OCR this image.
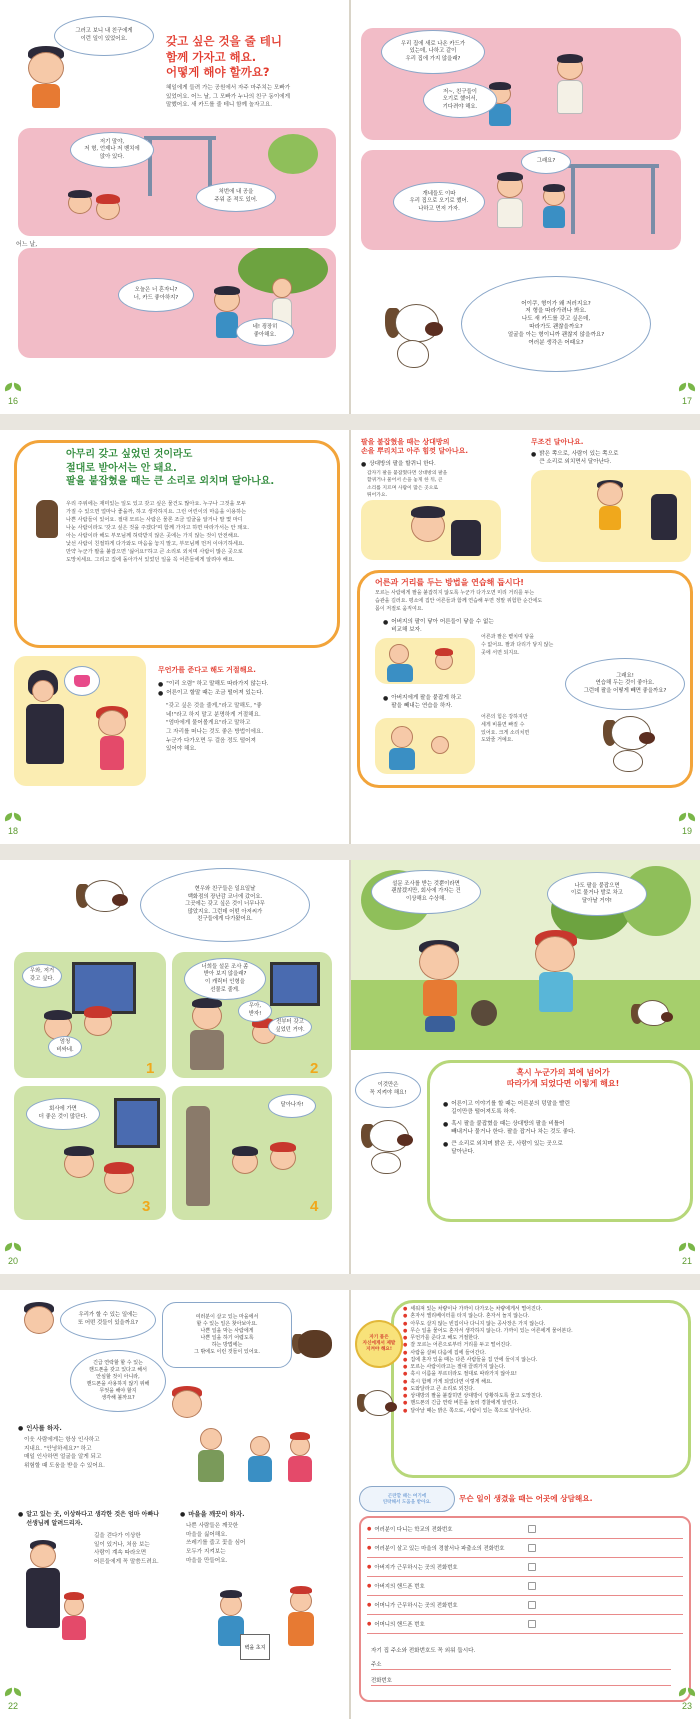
그러고 보니 내 친구에게
이런 일이 있었어요.	갖고 싶은 것을 줄 테니
함께 가자고 해요.
어떻게 해야 할까요?
혜일에게 들려 가는 공원에서 자주 마주치는 모빠가
있었어요. 어느 날, 그 모빠가 누나의 친구 동이에게
말했어요. 새 카드를 줄 테니 함께 놀자고요.
저기 말야,
저 형, 언제나 저 벤치에
앉아 있다.
처번에 내 공을
주워 준 적도 있어.
어느 날,
오늘은 너 혼자니?
너, 카드 좋아하지?
네! 굉장히
좋아해요.
16
우리 집에 새로 나온 카드가
있는데, 나하고 같이
우리 집에 가지 않을래?
저~, 친구들이
오기로 했어서,
기다려야 해요.
그래요?
개네들도 이따
우리 집으로 오기로 했어.
나하고 먼저 가자.
어이쿠, 형이가 왜 저러지요?
저 형을 따라가려나 봐요.
나도 새 카드를 갖고 싶은데,
따라가도 괜찮을까요?
얼굴을 아는 형이니까 괜찮지 않을까요?
여러분 생각은 어때요?
17
아무리 갖고 싶었던 것이라도
절대로 받아서는 안 돼요.
팔을 붙잡혔을 때는 큰 소리로 외치며 달아나요.
우리 주위에는 재미있는 일도 있고 갖고 싶은 물건도 많아요. 누구나 그것을 모두
가질 수 있으면 얼마나 좋을까, 하고 생각하지요. 그런 어린이의 마음을 이용하는
나쁜 사람들이 있어요. 절대 모르는 사람은 물론 조금 얼굴을 알거나 말 몇 마디
나눈 사람이라도 '갖고 싶은 것을 주겠다'며 함께 가자고 하면 따라가서는 안 돼요.
아는 사람이라 해도 부모님께 허락받지 않은 곳에는 가지 않는 것이 안전해요.
낯선 사람이 친절하게 다가와도 마음을 놓지 말고, 부모님께 먼저 이야기하세요.
만약 누군가 팔을 붙잡으면 '싫어요!'하고 큰 소리로 외치며 사람이 많은 곳으로
도망치세요. 그리고 집에 돌아가서 있었던 일을 꼭 어른들에게 알려야 해요.
무언가를 준다고 해도 거절해요.
● "이리 오렴" 하고 말해도 따라가지 않는다.
● 어른이고 할말 때는 조금 떨어져 있는다.
"갖고 싶은 것을 줄게,"라고 말해도, "좋
네!"라고 하지 말고 분명하게 거절해요.
"엄마에게 물어볼게요"라고 말하고
그 자리를 떠나는 것도 좋은 방법이에요.
누군가 다가오면 두 걸음 정도 떨어져
있어야 해요.
18
팔을 붙잡혔을 때는 상대방의
손을 뿌리치고 아주 힘껏 달아나요.
● 상대방의 팔을 할퀴니 한다.
갑자기 팔을 붙잡혔다면 상대방의 팔을
할퀴거나 물어서 손을 놓게 한 뒤, 큰
소리를 지르며 사람이 많은 곳으로
뛰어가요.
무조건 달아나요.
● 밝은 쪽으로, 사람이 있는 쪽으로
큰 소리로 외치면서 달아난다.
어른과 거리를 두는 방법을 연습해 둡시다!
모르는 사람에게 팔을 붙잡히지 않도록 누군가 다가오면 미리 거리를 두는
습관을 길러요. 평소에 집안 어른들과 함께 연습해 두면 정말 위험한 순간에도
몸이 저절로 움직여요.
● 어버지의 팔이 닿아 어른들이 닿을 수 없는
비교해 보자.
어른과 팔은 뻗치며 닿을
수 없어요. 팔과 다리가 닿지 않는
곳에 서면 되지요.
● 아버지에게 팔을 붙잡게 하고
팔을 빼내는 연습을 하자.
어른의 힘은 강하지만
세게 비틀면 빠질 수
있어요. 크게 소리치면
도와줄 거예요.
그래요!
연습해 두는 것이 좋아요.
그런데 팔을 어떻게 빼면 좋을까요?
19
현우와 친구들은 일요일날
백화점의 장난감 코너에 갔어요.
그곳에는 갖고 싶은 것이 너무나무
많았지요. 그런데 어떤 아저씨가
친구들에게 다가왔어요.
우와, 저거
갖고 싶다.
엄청
비싸네.
1
너희들 설문 조사 좀
받아 보지 않을래?
이 캐릭터 인형을
선물로 줄게.
우아,
받자!
전부터 갖고
싶었던 거야.
2
회사에 가면
더 좋은 것이 많단다.
3
달아나자!
4
20
설문 조사를 받는 것뿐이라면
괜찮겠지만, 회사에 가자는 건
이상해요 수상해.
나도 팔을 붙잡으면
이로 물거나 발로 차고
달아날 거야!
이것만은
꼭 지켜야 해요!
혹시 누군가의 꾀에 넘어가
따라가게 되었다면 이렇게 해요!
● 어른이고 이야기를 할 때는 어른분의 덩말을 빨린
길이만큼 떨어져도록 하자.
● 혹시 팔을 붙잡혔을 때는 상대방의 팔을 비틀어
빼내거나 물거나 한다. 팔을 잡거나 차는 것도 좋다.
● 큰 소리로 외치며 밝은 곳, 사람이 있는 곳으로
달아난다.
21
우리가 할 수 있는 일에는
또 어떤 것들이 있을까요?
여러분이 살고 있는 마을에서
할 수 있는 일은 찾아보아요.
나쁜 일을 막는 사람에게
나쁜 일을 하기 어렵도록
하는 방법에는
그 밖에도 이런 것들이 있어요.
긴급 연락할 할 수 있는
핸드폰을 갖고 있다고 해서
안심할 것이 아니라,
핸드폰을 사용하지 않기 위해
무엇을 해야 할지
생각해 볼까요?
● 인사를 하자.
이웃 사람에게는 항상 인사하고
지내요. "안녕하세요?" 하고
매일 인사하면 얼굴을 알게 되고
위험할 때 도움을 받을 수 있어요.
● 알고 있는 곳, 이상하다고 생각한 것은 엄마 아빠나
선생님께 알려드리자.
길을 걷다가 이상한
일이 있거나, 처음 보는
사람이 계속 따라오면
어른들에게 꼭 말씀드려요.
● 마을을 깨끗이 하자.
나쁜 사람들은 깨끗한
마을을 싫어해요.
쓰레기를 줍고 꽃을 심어
모두가 지켜보는
마을을 만들어요.
벽을 초지
22
자기 몸은
자신에게서 제발
지켜야 해요!
● 세워져 있는 차량이나 가까이 다가오는 차량에게서 떨어진다.
● 혼자서 엘리베이터를 타지 않는다. 혼자서 놀지 않는다.
● 아무도 살지 않는 빈집이나 다니지 않는 공사장은 가지 않는다.
● 무슨 일을 물어도 혼자서 생각하지 않는다. 가까이 있는 어른에게 물어본다.
● 무언가를 준다고 해도 거절한다.
● 잘 모르는 어른으로부터 거리를 두고 떨어진다.
● 사람을 살펴 다음에 집에 들어간다.
● 집에 혼자 있을 때는 다른 사람들을 집 안에 들이지 않는다.
● 모르는 사람이라고는 절대 끌려가지 않는다.
● 혹시 이름을 부르더라도 절대로 따라가지 않아요!
● 혹시 함께 가게 되었다면 이렇게 해요.
● 도와달라고 큰 소리로 외친다.
● 상대방의 팔을 붙잡히면 상대방이 당황하도록 물고 도망친다.
● 핸드폰의 긴급 연락 버튼을 눌러 경찰에게 알린다.
● 달아날 때는 밝은 쪽으로, 사람이 있는 쪽으로 달아난다.
곤란할 때는 여기에
연락해서 도움을 받아요.	무슨 일이 생겼을 때는 어곳에 상담해요.
● 여러분이 다니는 학교의 전화번호
● 여러분이 살고 있는 마을의 경찰서나 파출소의 전화번호
● 아버지가 근무하시는 곳의 전화번호
● 아버지의 핸드폰 번호
● 어머니가 근무하시는 곳의 전화번호
● 어머니의 핸드폰 번호
자기 집 주소와 전화번호도 꼭 외워 둡시다.
주소
전화번호
23
